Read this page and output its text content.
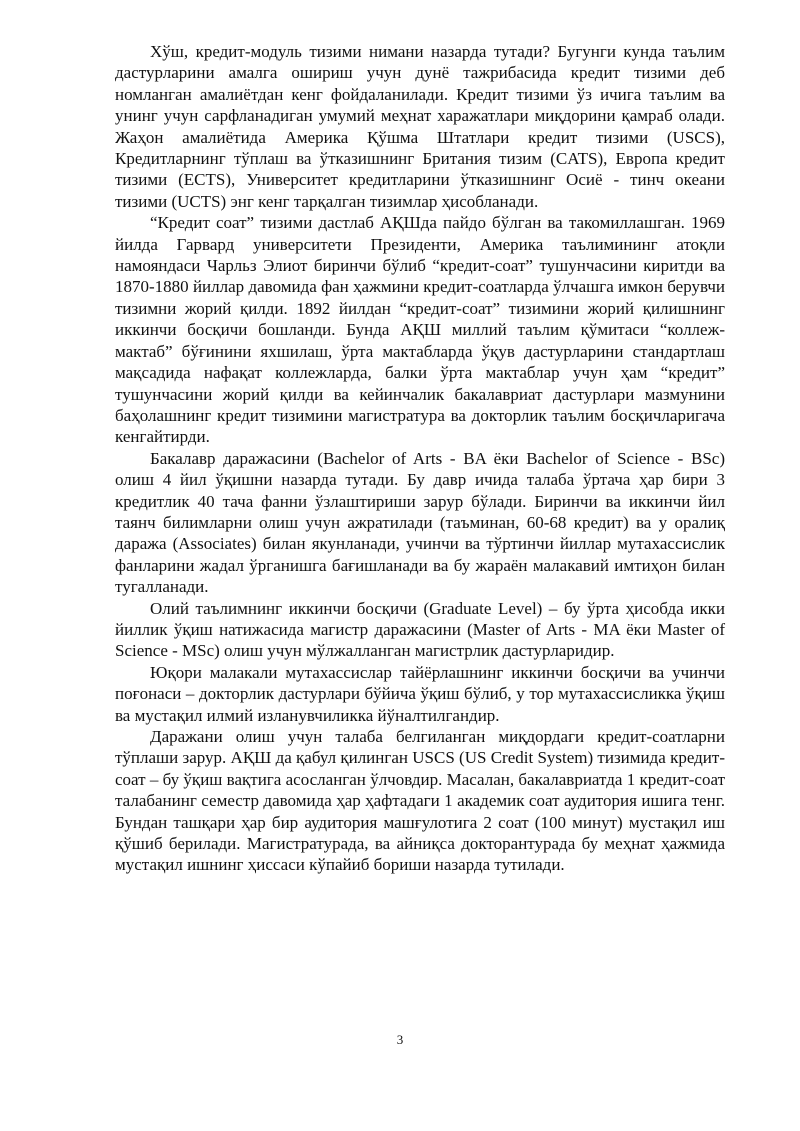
Хўш, кредит-модуль тизими нимани назарда тутади? Бугунги кунда таълим дастурларини амалга ошириш учун дунё тажрибасида кредит тизими деб номланган амалиётдан кенг фойдаланилади. Кредит тизими ўз ичига таълим ва унинг учун сарфланадиган умумий меҳнат харажатлари миқдорини қамраб олади. Жаҳон амалиётида Америка Қўшма Штатлари кредит тизими (USCS), Кредитларнинг тўплаш ва ўтказишнинг Британия тизим (CATS), Европа кредит тизими (ECTS), Университет кредитларини ўтказишнинг Осиё - тинч океани тизими (UCTS) энг кенг тарқалган тизимлар ҳисобланади.

“Кредит соат” тизими дастлаб АҚШда пайдо бўлган ва такомиллашган. 1969 йилда Гарвард университети Президенти, Америка таълимининг атоқли намояндаси Чарльз Элиот биринчи бўлиб “кредит-соат” тушунчасини киритди ва 1870-1880 йиллар давомида фан ҳажмини кредит-соатларда ўлчашга имкон берувчи тизимни жорий қилди. 1892 йилдан “кредит-соат” тизимини жорий қилишнинг иккинчи босқичи бошланди. Бунда АҚШ миллий таълим қўмитаси “коллеж-мактаб” бўғинини яхшилаш, ўрта мактабларда ўқув дастурларини стандартлаш мақсадида нафақат коллежларда, балки ўрта мактаблар учун ҳам “кредит” тушунчасини жорий қилди ва кейинчалик бакалавриат дастурлари мазмунини баҳолашнинг кредит тизимини магистратура ва докторлик таълим босқичларигача кенгайтирди.

Бакалавр даражасини (Bachelor of Arts - BA ёки Bachelor of Science - BSc) олиш 4 йил ўқишни назарда тутади. Бу давр ичида талаба ўртача ҳар бири 3 кредитлик 40 тача фанни ўзлаштириши зарур бўлади. Биринчи ва иккинчи йил таянч билимларни олиш учун ажратилади (таъминан, 60-68 кредит) ва у оралиқ даража (Associates) билан якунланади, учинчи ва тўртинчи йиллар мутахассислик фанларини жадал ўрганишга бағишланади ва бу жараён малакавий имтиҳон билан тугалланади.

Олий таълимнинг иккинчи босқичи (Graduate Level) – бу ўрта ҳисобда икки йиллик ўқиш натижасида магистр даражасини (Master of Arts - MA ёки Master of Science - MSc) олиш учун мўлжалланган магистрлик дастурларидир.

Юқори малакали мутахассислар тайёрлашнинг иккинчи босқичи ва учинчи поғонаси – докторлик дастурлари бўйича ўқиш бўлиб, у тор мутахассисликка ўқиш ва мустақил илмий изланувчиликка йўналтилгандир.

Даражани олиш учун талаба белгиланган миқдордаги кредит-соатларни тўплаши зарур. АҚШ да қабул қилинган USCS (US Credit System) тизимида кредит-соат – бу ўқиш вақтига асосланган ўлчовдир. Масалан, бакалавриатда 1 кредит-соат талабанинг семестр давомида ҳар ҳафтадаги 1 академик соат аудитория ишига тенг. Бундан ташқари ҳар бир аудитория машғулотига 2 соат (100 минут) мустақил иш қўшиб берилади. Магистратурада, ва айниқса докторантурада бу меҳнат ҳажмида мустақил ишнинг ҳиссаси кўпайиб бориши назарда тутилади.

3
